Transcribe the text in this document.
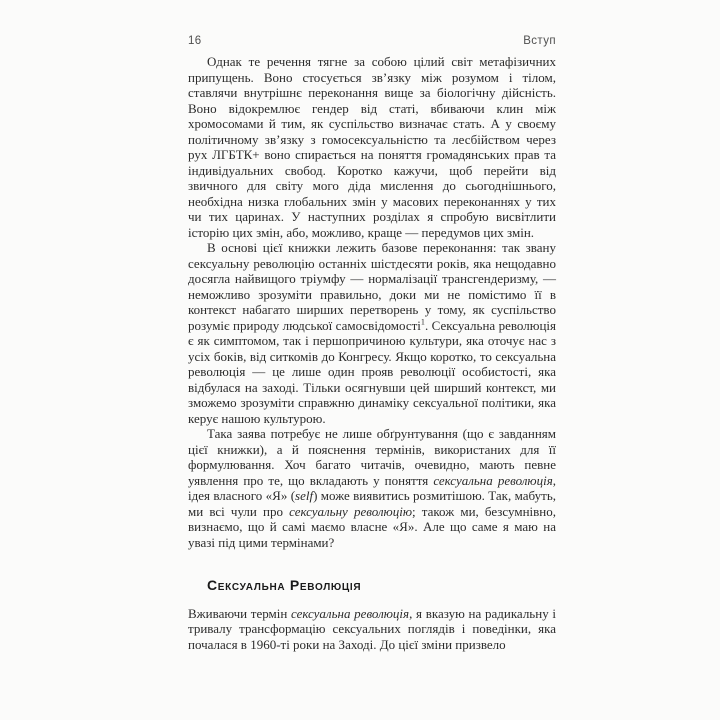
16	Вступ

Однак те речення тягне за собою цілий світ метафізичних припущень. Воно стосується зв’язку між розумом і тілом, ставлячи внутрішнє переконання вище за біологічну дійсність. Воно відокремлює гендер від статі, вбиваючи клин між хромосомами й тим, як суспільство визначає стать. А у своєму політичному зв’язку з гомосексуальністю та лесбійством через рух ЛГБТК+ воно спирається на поняття громадянських прав та індивідуальних свобод. Коротко кажучи, щоб перейти від звичного для світу мого діда мислення до сьогоднішнього, необхідна низка глобальних змін у масових переконаннях у тих чи тих царинах. У наступних розділах я спробую висвітлити історію цих змін, або, можливо, краще — передумов цих змін.

В основі цієї книжки лежить базове переконання: так звану сексуальну революцію останніх шістдесяти років, яка нещодавно досягла найвищого тріумфу — нормалізації трансгендеризму, — неможливо зрозуміти правильно, доки ми не помістимо її в контекст набагато ширших перетворень у тому, як суспільство розуміє природу людської самосвідомості$^1$. Сексуальна революція є як симптомом, так і першопричиною культури, яка оточує нас з усіх боків, від ситкомів до Конгресу. Якщо коротко, то сексуальна революція — це лише один прояв революції особистості, яка відбулася на заході. Тільки осягнувши цей ширший контекст, ми зможемо зрозуміти справжню динаміку сексуальної політики, яка керує нашою культурою.

Така заява потребує не лише обґрунтування (що є завданням цієї книжки), а й пояснення термінів, використаних для її формулювання. Хоч багато читачів, очевидно, мають певне уявлення про те, що вкладають у поняття сексуальна революція, ідея власного «Я» (self) може виявитись розмитішою. Так, мабуть, ми всі чули про сексуальну революцію; також ми, безсумнівно, визнаємо, що й самі маємо власне «Я». Але що саме я маю на увазі під цими термінами?

Сексуальна Революція

Вживаючи термін сексуальна революція, я вказую на радикальну і тривалу трансформацію сексуальних поглядів і поведінки, яка почалася в 1960-ті роки на Заході. До цієї зміни призвело
